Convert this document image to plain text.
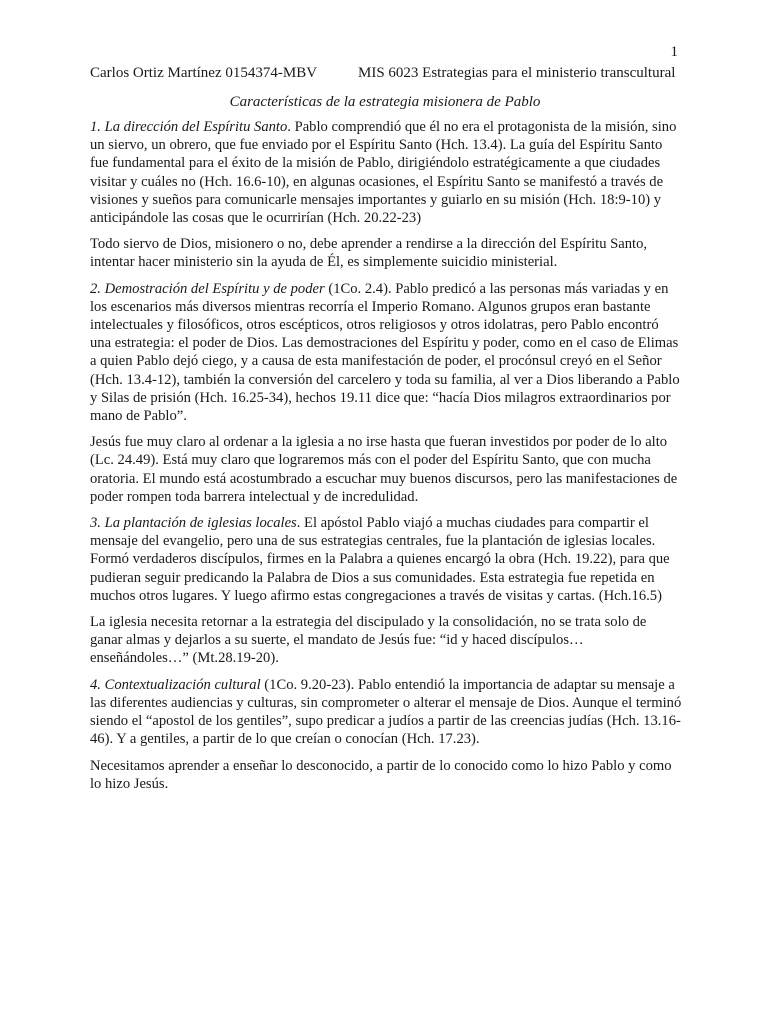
1
Carlos Ortiz Martínez 0154374-MBV	MIS 6023 Estrategias para el ministerio transcultural
Características de la estrategia misionera de Pablo

1. La dirección del Espíritu Santo. Pablo comprendió que él no era el protagonista de la misión, sino un siervo, un obrero, que fue enviado por el Espíritu Santo (Hch. 13.4). La guía del Espíritu Santo fue fundamental para el éxito de la misión de Pablo, dirigiéndolo estratégicamente a que ciudades visitar y cuáles no (Hch. 16.6-10), en algunas ocasiones, el Espíritu Santo se manifestó a través de visiones y sueños para comunicarle mensajes importantes y guiarlo en su misión (Hch. 18:9-10) y anticipándole las cosas que le ocurrirían (Hch. 20.22-23)

Todo siervo de Dios, misionero o no, debe aprender a rendirse a la dirección del Espíritu Santo, intentar hacer ministerio sin la ayuda de Él, es simplemente suicidio ministerial.

2. Demostración del Espíritu y de poder (1Co. 2.4). Pablo predicó a las personas más variadas y en los escenarios más diversos mientras recorría el Imperio Romano. Algunos grupos eran bastante intelectuales y filosóficos, otros escépticos, otros religiosos y otros idolatras, pero Pablo encontró una estrategia: el poder de Dios. Las demostraciones del Espíritu y poder, como en el caso de Elimas a quien Pablo dejó ciego, y a causa de esta manifestación de poder, el procónsul creyó en el Señor (Hch. 13.4-12), también la conversión del carcelero y toda su familia, al ver a Dios liberando a Pablo y Silas de prisión (Hch. 16.25-34), hechos 19.11 dice que: “hacía Dios milagros extraordinarios por mano de Pablo”.

Jesús fue muy claro al ordenar a la iglesia a no irse hasta que fueran investidos por poder de lo alto (Lc. 24.49). Está muy claro que lograremos más con el poder del Espíritu Santo, que con mucha oratoria. El mundo está acostumbrado a escuchar muy buenos discursos, pero las manifestaciones de poder rompen toda barrera intelectual y de incredulidad.

3. La plantación de iglesias locales. El apóstol Pablo viajó a muchas ciudades para compartir el mensaje del evangelio, pero una de sus estrategias centrales, fue la plantación de iglesias locales. Formó verdaderos discípulos, firmes en la Palabra a quienes encargó la obra (Hch. 19.22), para que pudieran seguir predicando la Palabra de Dios a sus comunidades. Esta estrategia fue repetida en muchos otros lugares. Y luego afirmo estas congregaciones a través de visitas y cartas. (Hch.16.5)

La iglesia necesita retornar a la estrategia del discipulado y la consolidación, no se trata solo de ganar almas y dejarlos a su suerte, el mandato de Jesús fue: “id y haced discípulos… enseñándoles…” (Mt.28.19-20).

4. Contextualización cultural (1Co. 9.20-23). Pablo entendió la importancia de adaptar su mensaje a las diferentes audiencias y culturas, sin comprometer o alterar el mensaje de Dios. Aunque el terminó siendo el “apostol de los gentiles”, supo predicar a judíos a partir de las creencias judías (Hch. 13.16-46). Y a gentiles, a partir de lo que creían o conocían (Hch. 17.23).

Necesitamos aprender a enseñar lo desconocido, a partir de lo conocido como lo hizo Pablo y como lo hizo Jesús.
